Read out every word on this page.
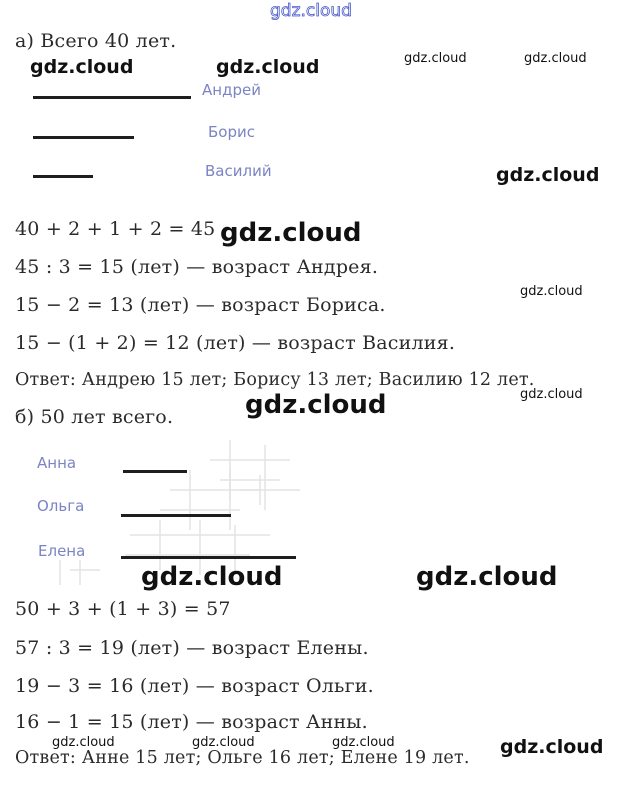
а) Всего 40 лет.
Андрей
Борис
Василий
40 + 2 + 1 + 2 = 45
45 : 3 = 15 (лет) — возраст Андрея.
15 − 2 = 13 (лет) — возраст Бориса.
15 − (1 + 2) = 12 (лет) — возраст Василия.
Ответ: Андрею 15 лет; Борису 13 лет; Василию 12 лет.
б) 50 лет всего.
Анна
Ольга
Елена
50 + 3 + (1 + 3) = 57
57 : 3 = 19 (лет) — возраст Елены.
19 − 3 = 16 (лет) — возраст Ольги.
16 − 1 = 15 (лет) — возраст Анны.
Ответ: Анне 15 лет; Ольге 16 лет; Елене 19 лет.
gdz.cloud
gdz.cloud	gdz.cloud	gdz.cloud	gdz.cloud
gdz.cloud
gdz.cloud
gdz.cloud
gdz.cloud
gdz.cloud
gdz.cloud	gdz.cloud
gdz.cloud	gdz.cloud	gdz.cloud	gdz.cloud
